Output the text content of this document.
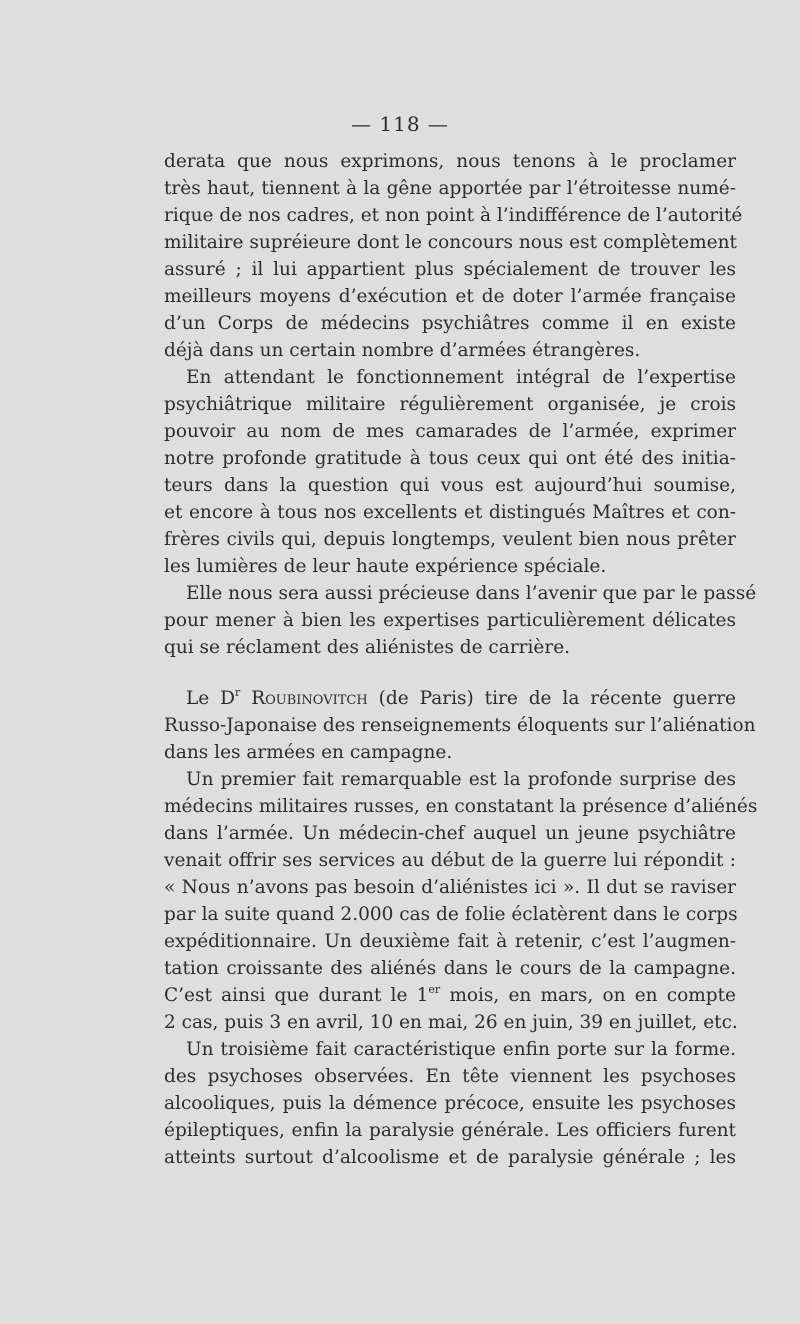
— 118 —
derata que nous exprimons, nous tenons à le proclamer
très haut, tiennent à la gêne apportée par l’étroitesse numé-
rique de nos cadres, et non point à l’indifférence de l’autorité
militaire supréieure dont le concours nous est complètement
assuré ; il lui appartient plus spécialement de trouver les
meilleurs moyens d’exécution et de doter l’armée française
d’un Corps de médecins psychiâtres comme il en existe
déjà dans un certain nombre d’armées étrangères.
En attendant le fonctionnement intégral de l’expertise
psychiâtrique militaire régulièrement organisée, je crois
pouvoir au nom de mes camarades de l’armée, exprimer
notre profonde gratitude à tous ceux qui ont été des initia-
teurs dans la question qui vous est aujourd’hui soumise,
et encore à tous nos excellents et distingués Maîtres et con-
frères civils qui, depuis longtemps, veulent bien nous prêter
les lumières de leur haute expérience spéciale.
Elle nous sera aussi précieuse dans l’avenir que par le passé
pour mener à bien les expertises particulièrement délicates
qui se réclament des aliénistes de carrière.
Le $D^r$ Roubinovitch (de Paris) tire de la récente guerre
Russo-Japonaise des renseignements éloquents sur l’aliénation
dans les armées en campagne.
Un premier fait remarquable est la profonde surprise des
médecins militaires russes, en constatant la présence d’aliénés
dans l’armée. Un médecin-chef auquel un jeune psychiâtre
venait offrir ses services au début de la guerre lui répondit :
« Nous n’avons pas besoin d’aliénistes ici ». Il dut se raviser
par la suite quand 2.000 cas de folie éclatèrent dans le corps
expéditionnaire. Un deuxième fait à retenir, c’est l’augmen-
tation croissante des aliénés dans le cours de la campagne.
C’est ainsi que durant le 1er mois, en mars, on en compte
2 cas, puis 3 en avril, 10 en mai, 26 en juin, 39 en juillet, etc.
Un troisième fait caractéristique enfin porte sur la forme.
des psychoses observées. En tête viennent les psychoses
alcooliques, puis la démence précoce, ensuite les psychoses
épileptiques, enfin la paralysie générale. Les officiers furent
atteints surtout d’alcoolisme et de paralysie générale ; les
